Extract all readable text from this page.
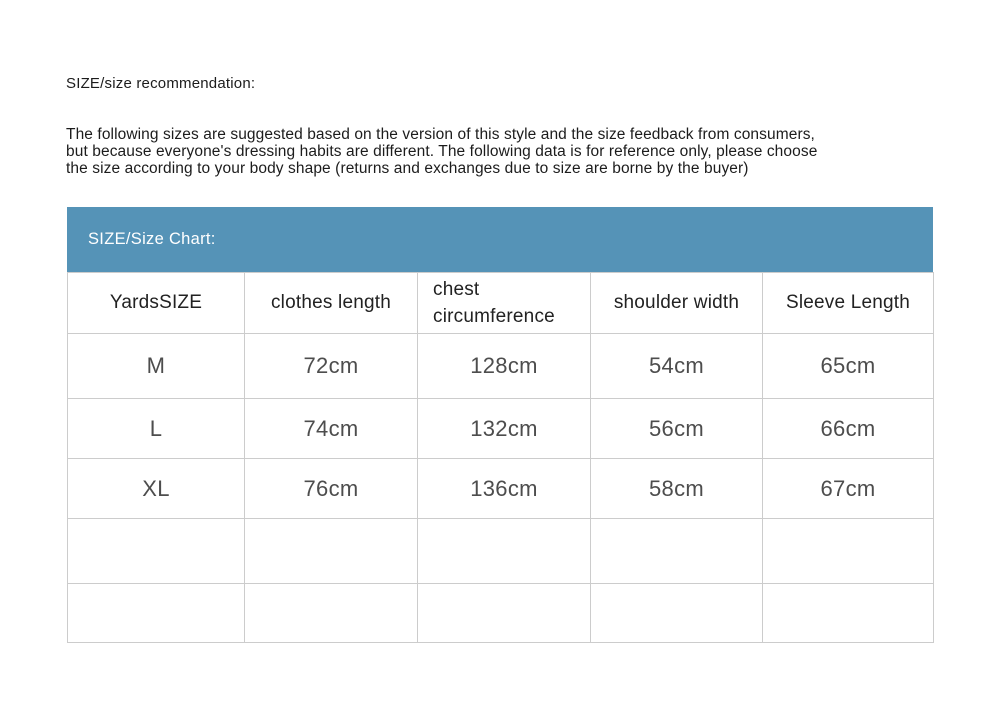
SIZE/size recommendation:
The following sizes are suggested based on the version of this style and the size feedback from consumers,
but because everyone's dressing habits are different. The following data is for reference only, please choose
the size according to your body shape (returns and exchanges due to size are borne by the buyer)
SIZE/Size Chart:
YardsSIZE	clothes length	chest circumference	shoulder width	Sleeve Length
M	72cm	128cm	54cm	65cm
L	74cm	132cm	56cm	66cm
XL	76cm	136cm	58cm	67cm
